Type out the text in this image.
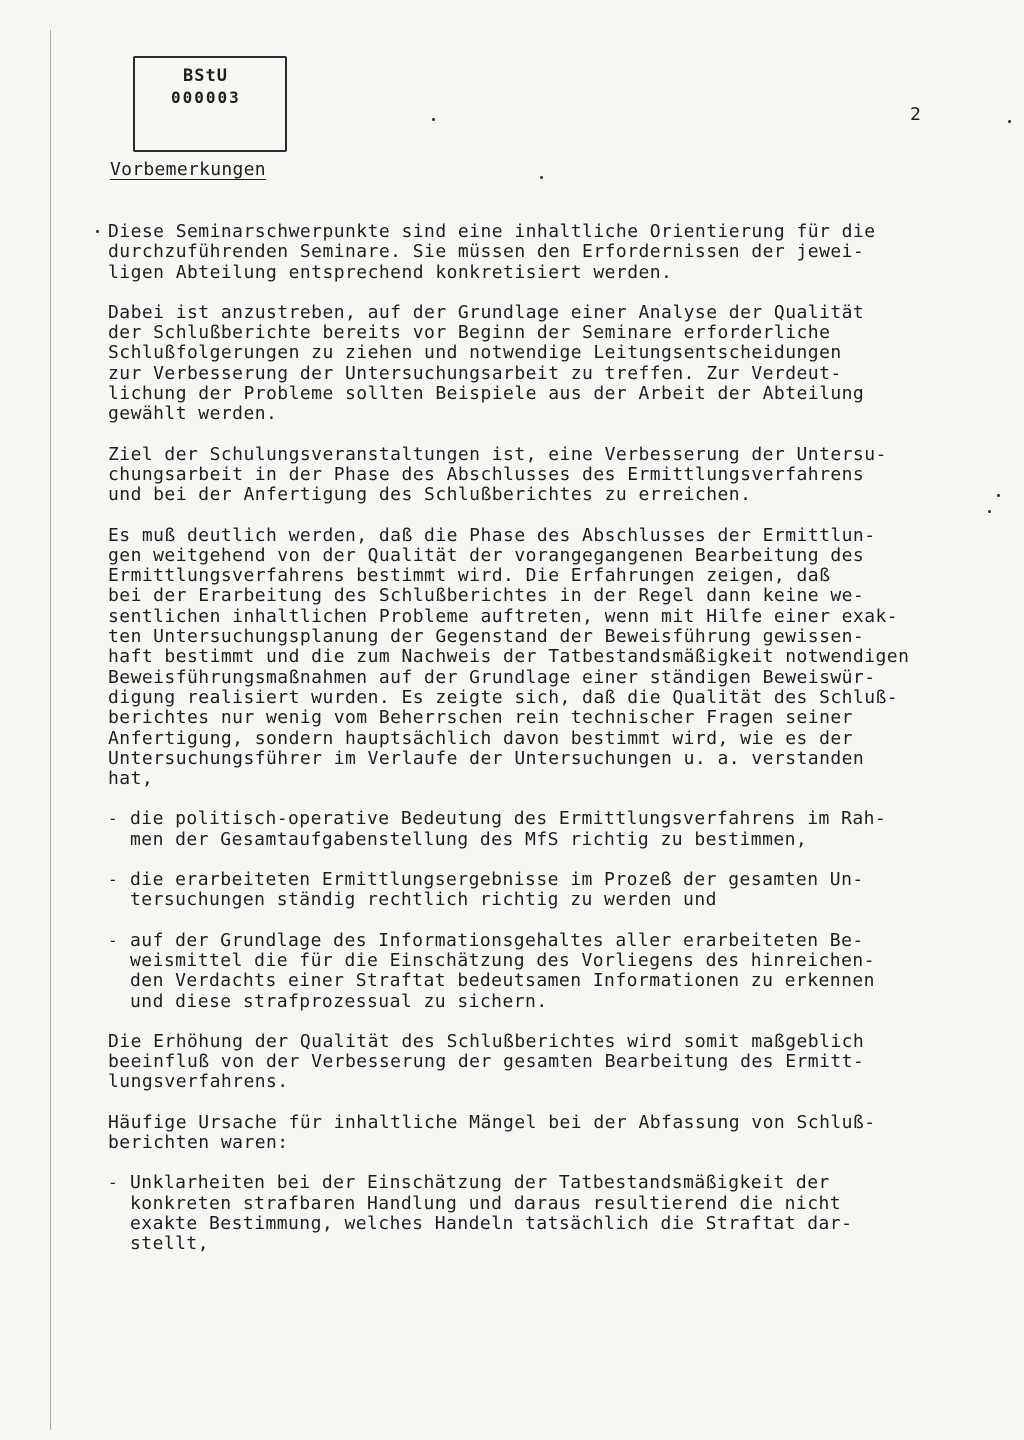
BStU
000003
2
Vorbemerkungen

Diese Seminarschwerpunkte sind eine inhaltliche Orientierung für die
durchzuführenden Seminare. Sie müssen den Erfordernissen der jewei-
ligen Abteilung entsprechend konkretisiert werden.

Dabei ist anzustreben, auf der Grundlage einer Analyse der Qualität
der Schlußberichte bereits vor Beginn der Seminare erforderliche
Schlußfolgerungen zu ziehen und notwendige Leitungsentscheidungen
zur Verbesserung der Untersuchungsarbeit zu treffen. Zur Verdeut-
lichung der Probleme sollten Beispiele aus der Arbeit der Abteilung
gewählt werden.

Ziel der Schulungsveranstaltungen ist, eine Verbesserung der Untersu-
chungsarbeit in der Phase des Abschlusses des Ermittlungsverfahrens
und bei der Anfertigung des Schlußberichtes zu erreichen.

Es muß deutlich werden, daß die Phase des Abschlusses der Ermittlun-
gen weitgehend von der Qualität der vorangegangenen Bearbeitung des
Ermittlungsverfahrens bestimmt wird. Die Erfahrungen zeigen, daß
bei der Erarbeitung des Schlußberichtes in der Regel dann keine we-
sentlichen inhaltlichen Probleme auftreten, wenn mit Hilfe einer exak-
ten Untersuchungsplanung der Gegenstand der Beweisführung gewissen-
haft bestimmt und die zum Nachweis der Tatbestandsmäßigkeit notwendigen
Beweisführungsmaßnahmen auf der Grundlage einer ständigen Beweiswür-
digung realisiert wurden. Es zeigte sich, daß die Qualität des Schluß-
berichtes nur wenig vom Beherrschen rein technischer Fragen seiner
Anfertigung, sondern hauptsächlich davon bestimmt wird, wie es der
Untersuchungsführer im Verlaufe der Untersuchungen u. a. verstanden
hat,

- die politisch-operative Bedeutung des Ermittlungsverfahrens im Rah-
men der Gesamtaufgabenstellung des MfS richtig zu bestimmen,
- die erarbeiteten Ermittlungsergebnisse im Prozeß der gesamten Un-
tersuchungen ständig rechtlich richtig zu werden und
- auf der Grundlage des Informationsgehaltes aller erarbeiteten Be-
weismittel die für die Einschätzung des Vorliegens des hinreichen-
den Verdachts einer Straftat bedeutsamen Informationen zu erkennen
und diese strafprozessual zu sichern.

Die Erhöhung der Qualität des Schlußberichtes wird somit maßgeblich
beeinfluß von der Verbesserung der gesamten Bearbeitung des Ermitt-
lungsverfahrens.

Häufige Ursache für inhaltliche Mängel bei der Abfassung von Schluß-
berichten waren:

- Unklarheiten bei der Einschätzung der Tatbestandsmäßigkeit der
konkreten strafbaren Handlung und daraus resultierend die nicht
exakte Bestimmung, welches Handeln tatsächlich die Straftat dar-
stellt,
